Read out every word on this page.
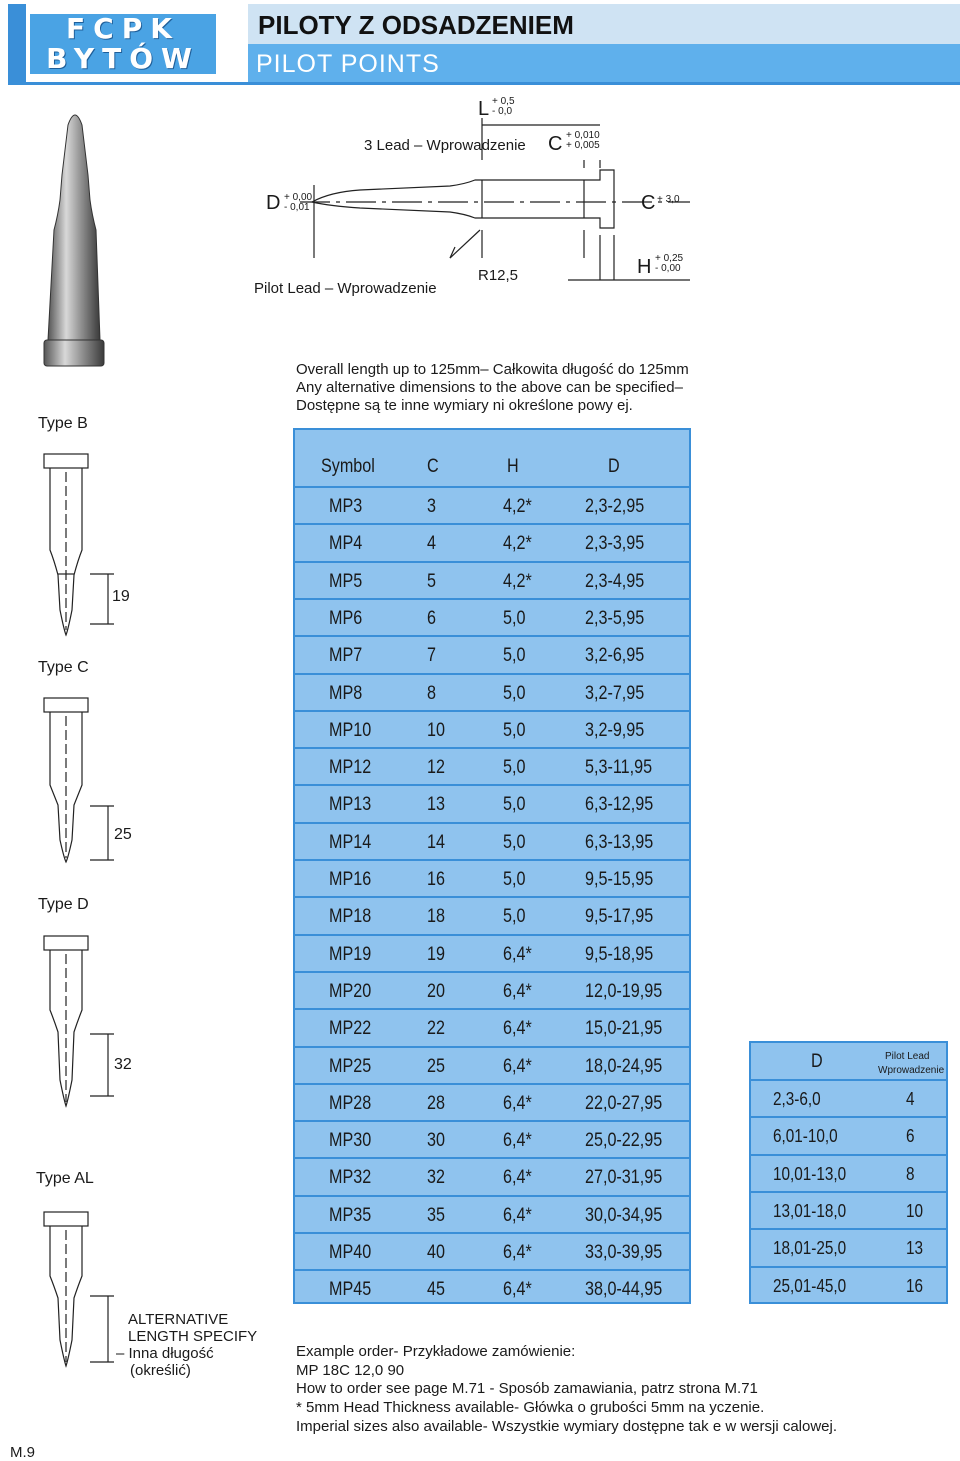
FCPK
BYTÓW
PILOTY Z ODSADZENIEM
PILOT POINTS
L + 0,5
- 0,0
3 Lead – Wprowadzenie C + 0,010
+ 0,005
D + 0,00
- 0,01	C + 3,0
Pilot Lead – Wprowadzenie
R12,5	H + 0,25
- 0,00
Overall length up to 125mm– Całkowita długość do 125mm
Any alternative dimensions to the above can be specified–
Dostępne są te inne wymiary ni określone powy ej.
Type B
Type C
Type D
Type AL
19
25
32
ALTERNATIVE
LENGTH SPECIFY
– Inna długość
(określić)
Symbol	C	H	D
MP3	3	4,2*	2,3-2,95
MP4	4	4,2*	2,3-3,95
MP5	5	4,2*	2,3-4,95
MP6	6	5,0	2,3-5,95
MP7	7	5,0	3,2-6,95
MP8	8	5,0	3,2-7,95
MP10	10	5,0	3,2-9,95
MP12	12	5,0	5,3-11,95
MP13	13	5,0	6,3-12,95
MP14	14	5,0	6,3-13,95
MP16	16	5,0	9,5-15,95
MP18	18	5,0	9,5-17,95
MP19	19	6,4*	9,5-18,95
MP20	20	6,4*	12,0-19,95
MP22	22	6,4*	15,0-21,95
MP25	25	6,4*	18,0-24,95
MP28	28	6,4*	22,0-27,95
MP30	30	6,4*	25,0-22,95
MP32	32	6,4*	27,0-31,95
MP35	35	6,4*	30,0-34,95
MP40	40	6,4*	33,0-39,95
MP45	45	6,4*	38,0-44,95
D	Pilot Lead
Wprowadzenie
2,3-6,0	4
6,01-10,0	6
10,01-13,0	8
13,01-18,0	10
18,01-25,0	13
25,01-45,0	16
Example order- Przykładowe zamówienie:
MP 18C 12,0 90
How to order see page M.71 - Sposób zamawiania, patrz strona M.71
* 5mm Head Thickness available- Główka o grubości 5mm na yczenie.
Imperial sizes also available- Wszystkie wymiary dostępne tak e w wersji calowej.
M.9
